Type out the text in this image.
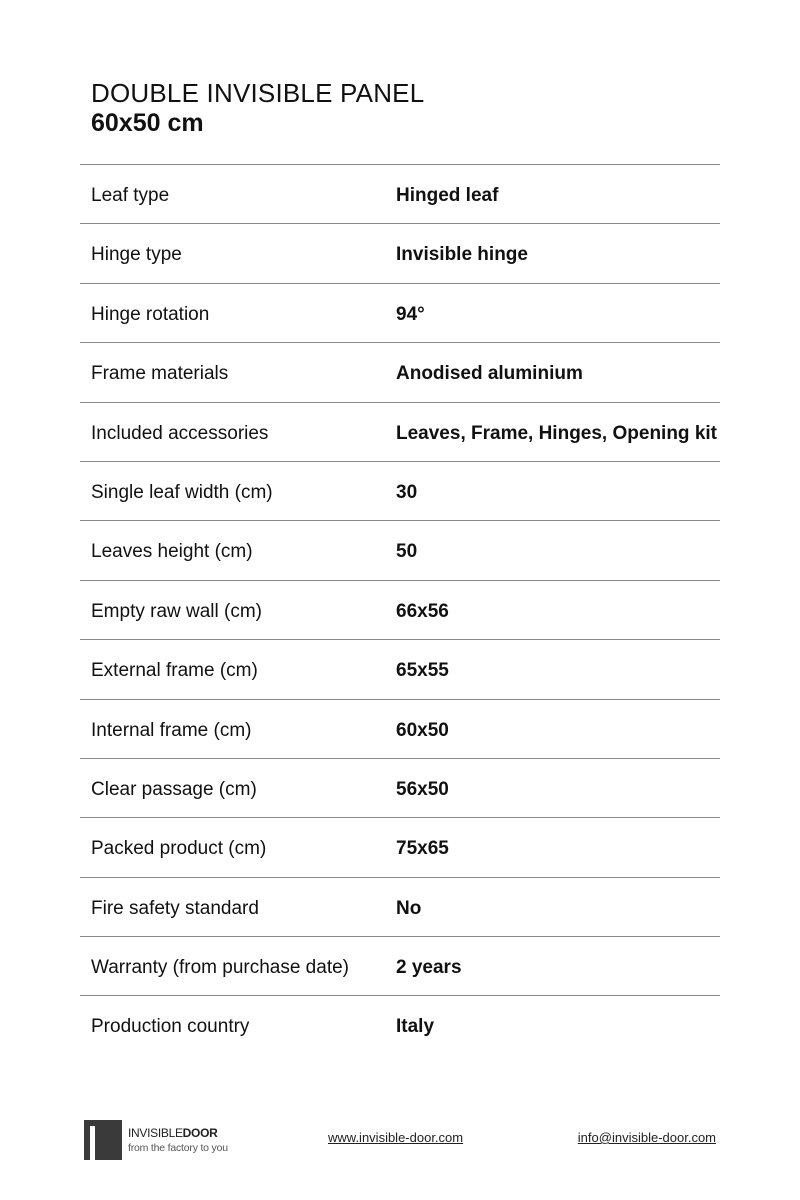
DOUBLE INVISIBLE PANEL
60x50 cm
Leaf type	Hinged leaf
Hinge type	Invisible hinge
Hinge rotation	94°
Frame materials	Anodised aluminium
Included accessories	Leaves, Frame, Hinges, Opening kit
Single leaf width (cm)	30
Leaves height (cm)	50
Empty raw wall (cm)	66x56
External frame (cm)	65x55
Internal frame (cm)	60x50
Clear passage (cm)	56x50
Packed product (cm)	75x65
Fire safety standard	No
Warranty (from purchase date) 2 years
Production country	Italy
INVISIBLEDOOR
from the factory to you
www.invisible-door.com	info@invisible-door.com
